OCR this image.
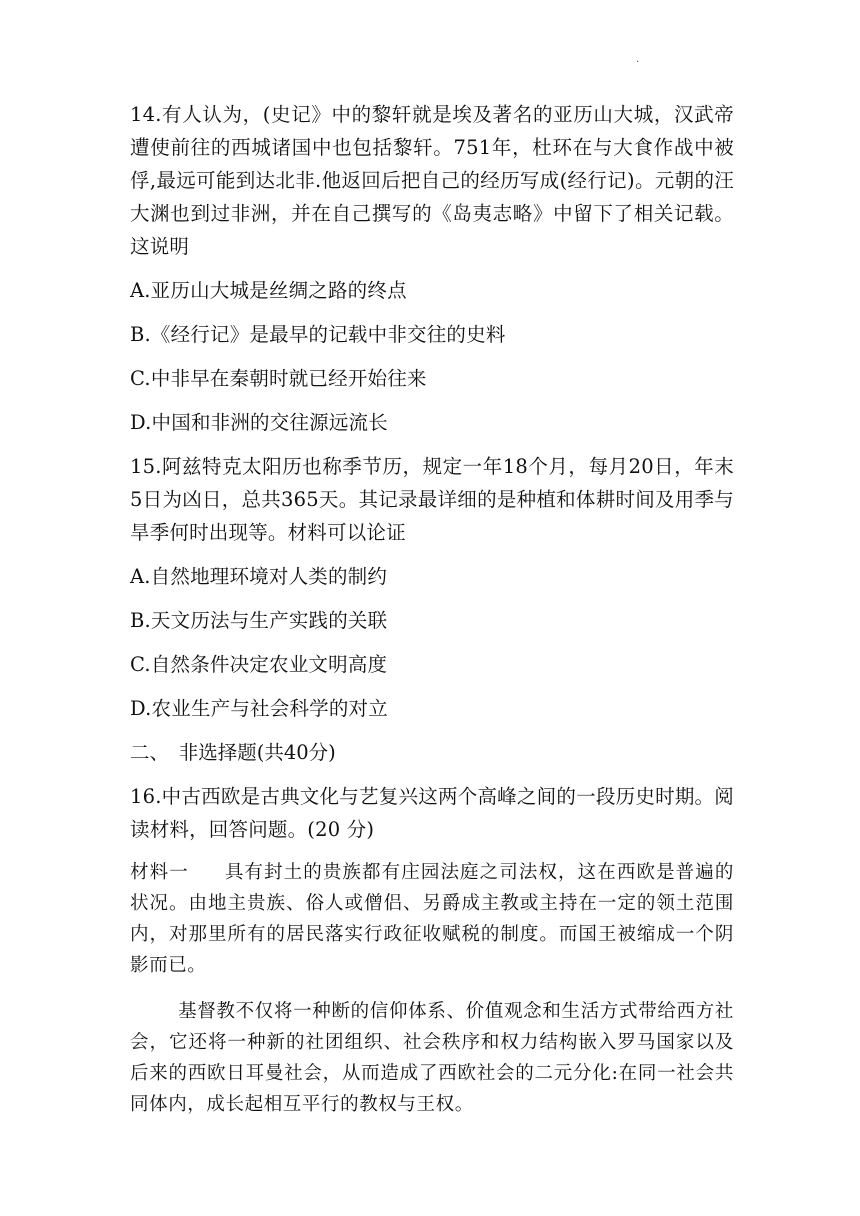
·

14.有人认为，(史记》中的黎轩就是埃及著名的亚历山大城，汉武帝遭使前往的西城诸国中也包括黎轩。751年，杜环在与大食作战中被俘,最远可能到达北非.他返回后把自己的经历写成(经行记)。元朝的汪大渊也到过非洲，并在自己撰写的《岛夷志略》中留下了相关记载。这说明

A.亚历山大城是丝绸之路的终点

B.《经行记》是最早的记载中非交往的史料

C.中非早在秦朝时就已经开始往来

D.中国和非洲的交往源远流长

15.阿兹特克太阳历也称季节历，规定一年18个月，每月20日，年末5日为凶日，总共365天。其记录最详细的是种植和体耕时间及用季与旱季何时出现等。材料可以论证

A.自然地理环境对人类的制约

B.天文历法与生产实践的关联

C.自然条件决定农业文明高度

D.农业生产与社会科学的对立

二、　非选择题(共40分)

16.中古西欧是古典文化与艺复兴这两个高峰之间的一段历史时期。阅读材料，回答问题。(20 分)

材料一 具有封土的贵族都有庄园法庭之司法权，这在西欧是普遍的状况。由地主贵族、俗人或僧侣、另爵成主教或主持在一定的领土范围内，对那里所有的居民落实行政征收赋税的制度。而国王被缩成一个阴影而已。

基督教不仅将一种断的信仰体系、价值观念和生活方式带给西方社会，它还将一种新的社团组织、社会秩序和权力结构嵌入罗马国家以及后来的西欧日耳曼社会，从而造成了西欧社会的二元分化:在同一社会共同体内，成长起相互平行的教权与王权。
